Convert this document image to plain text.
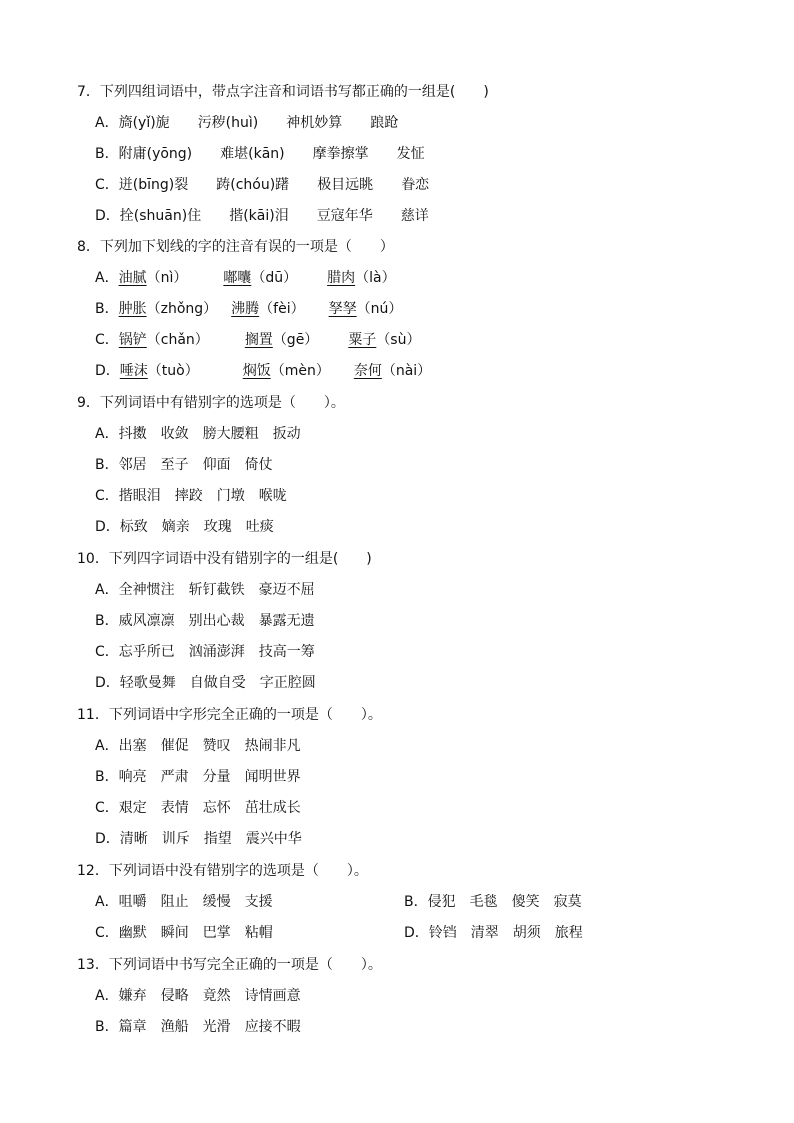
7．下列四组词语中，带点字注音和词语书写都正确的一组是(　　)
A．旖(yǐ)旎 污秽(huì) 神机妙算 踉跄
B．附庸(yōng) 难堪(kān) 摩拳擦掌 发怔
C．迸(bīng)裂 踌(chóu)躇 极目远眺 眷恋
D．拴(shuān)住 揩(kāi)泪 豆寇年华 慈详
8．下列加下划线的字的注音有误的一项是（　　）
A．油腻（nì）	嘟囔（dū） 腊肉（là）
B．肿胀（zhǒng） 沸腾（fèi） 孥孥（nú）
C．锅铲（chǎn）	搁置（gē） 粟子（sù）
D．唾沫（tuò）	焖饭（mèn） 奈何（nài）
9．下列词语中有错别字的选项是（　　）。
A．抖擞 收敛 膀大腰粗 扳动
B．邻居 至子 仰面 倚仗
C．揩眼泪 摔跤 门墩 喉咙
D．标致 嫡亲 玫瑰 吐痰
10．下列四字词语中没有错别字的一组是(　　)
A．全神惯注 斩钉截铁 豪迈不屈
B．威风凛凛 别出心裁 暴露无遗
C．忘乎所已 汹涌澎湃 技高一筹
D．轻歌曼舞 自做自受 字正腔圆
11．下列词语中字形完全正确的一项是（　　）。
A．出塞 催促 赞叹 热闹非凡
B．响亮 严肃 分量 闻明世界
C．艰定 表情 忘怀 茁壮成长
D．清晰 训斥 指望 震兴中华
12．下列词语中没有错别字的选项是（　　）。
A．咀嚼 阻止 缓慢 支援	B．侵犯 毛毯 傻笑 寂莫
C．幽默 瞬间 巴掌 粘帽	D．铃铛 清翠 胡须 旅程
13．下列词语中书写完全正确的一项是（　　）。
A．嫌弃 侵略 竟然 诗情画意
B．篇章 渔船 光滑 应接不暇
